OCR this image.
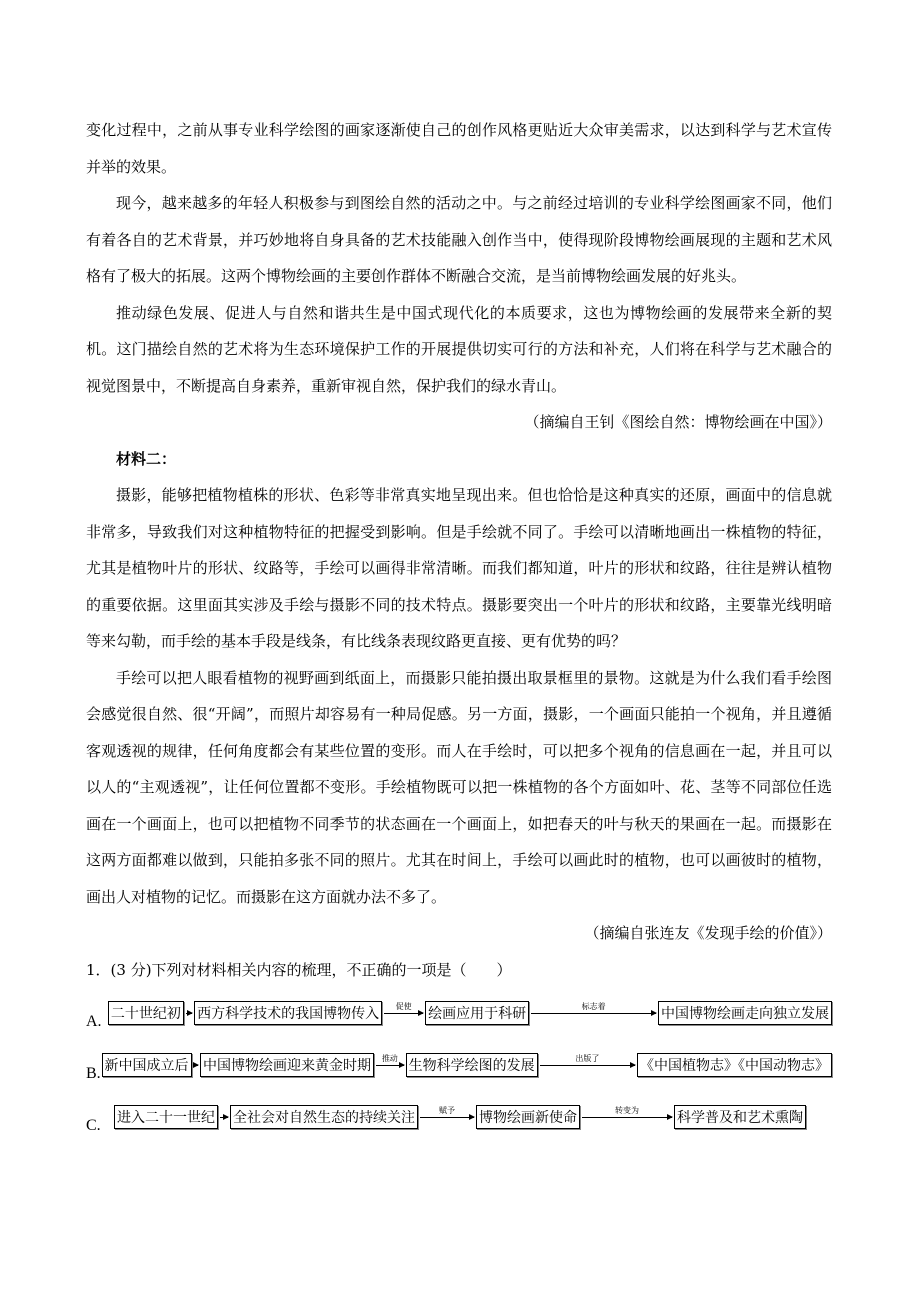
变化过程中，之前从事专业科学绘图的画家逐渐使自己的创作风格更贴近大众审美需求，以达到科学与艺术宣传并举的效果。

现今，越来越多的年轻人积极参与到图绘自然的活动之中。与之前经过培训的专业科学绘图画家不同，他们有着各自的艺术背景，并巧妙地将自身具备的艺术技能融入创作当中，使得现阶段博物绘画展现的主题和艺术风格有了极大的拓展。这两个博物绘画的主要创作群体不断融合交流，是当前博物绘画发展的好兆头。

推动绿色发展、促进人与自然和谐共生是中国式现代化的本质要求，这也为博物绘画的发展带来全新的契机。这门描绘自然的艺术将为生态环境保护工作的开展提供切实可行的方法和补充，人们将在科学与艺术融合的视觉图景中，不断提高自身素养，重新审视自然，保护我们的绿水青山。

（摘编自王钊《图绘自然：博物绘画在中国》）

材料二：

摄影，能够把植物植株的形状、色彩等非常真实地呈现出来。但也恰恰是这种真实的还原，画面中的信息就非常多，导致我们对这种植物特征的把握受到影响。但是手绘就不同了。手绘可以清晰地画出一株植物的特征，尤其是植物叶片的形状、纹路等，手绘可以画得非常清晰。而我们都知道，叶片的形状和纹路，往往是辨认植物的重要依据。这里面其实涉及手绘与摄影不同的技术特点。摄影要突出一个叶片的形状和纹路，主要靠光线明暗等来勾勒，而手绘的基本手段是线条，有比线条表现纹路更直接、更有优势的吗？

手绘可以把人眼看植物的视野画到纸面上，而摄影只能拍摄出取景框里的景物。这就是为什么我们看手绘图会感觉很自然、很“开阔”，而照片却容易有一种局促感。另一方面，摄影，一个画面只能拍一个视角，并且遵循客观透视的规律，任何角度都会有某些位置的变形。而人在手绘时，可以把多个视角的信息画在一起，并且可以以人的“主观透视”，让任何位置都不变形。手绘植物既可以把一株植物的各个方面如叶、花、茎等不同部位任选画在一个画面上，也可以把植物不同季节的状态画在一个画面上，如把春天的叶与秋天的果画在一起。而摄影在这两方面都难以做到，只能拍多张不同的照片。尤其在时间上，手绘可以画此时的植物，也可以画彼时的植物，画出人对植物的记忆。而摄影在这方面就办法不多了。

（摘编自张连友《发现手绘的价值》）

1．(3 分)下列对材料相关内容的梳理，不正确的一项是（　　）

A. 二十世纪初 西方科学技术的我国博物传入	促使	绘画应用于科研	标志着	中国博物绘画走向独立发展
B. 新中国成立后 中国博物绘画迎来黄金时期	推动 生物科学绘图的发展	出版了	《中国植物志》《中国动物志》
C.	进入二十一世纪 全社会对自然生态的持续关注	赋予	博物绘画新使命	转变为	科学普及和艺术熏陶
